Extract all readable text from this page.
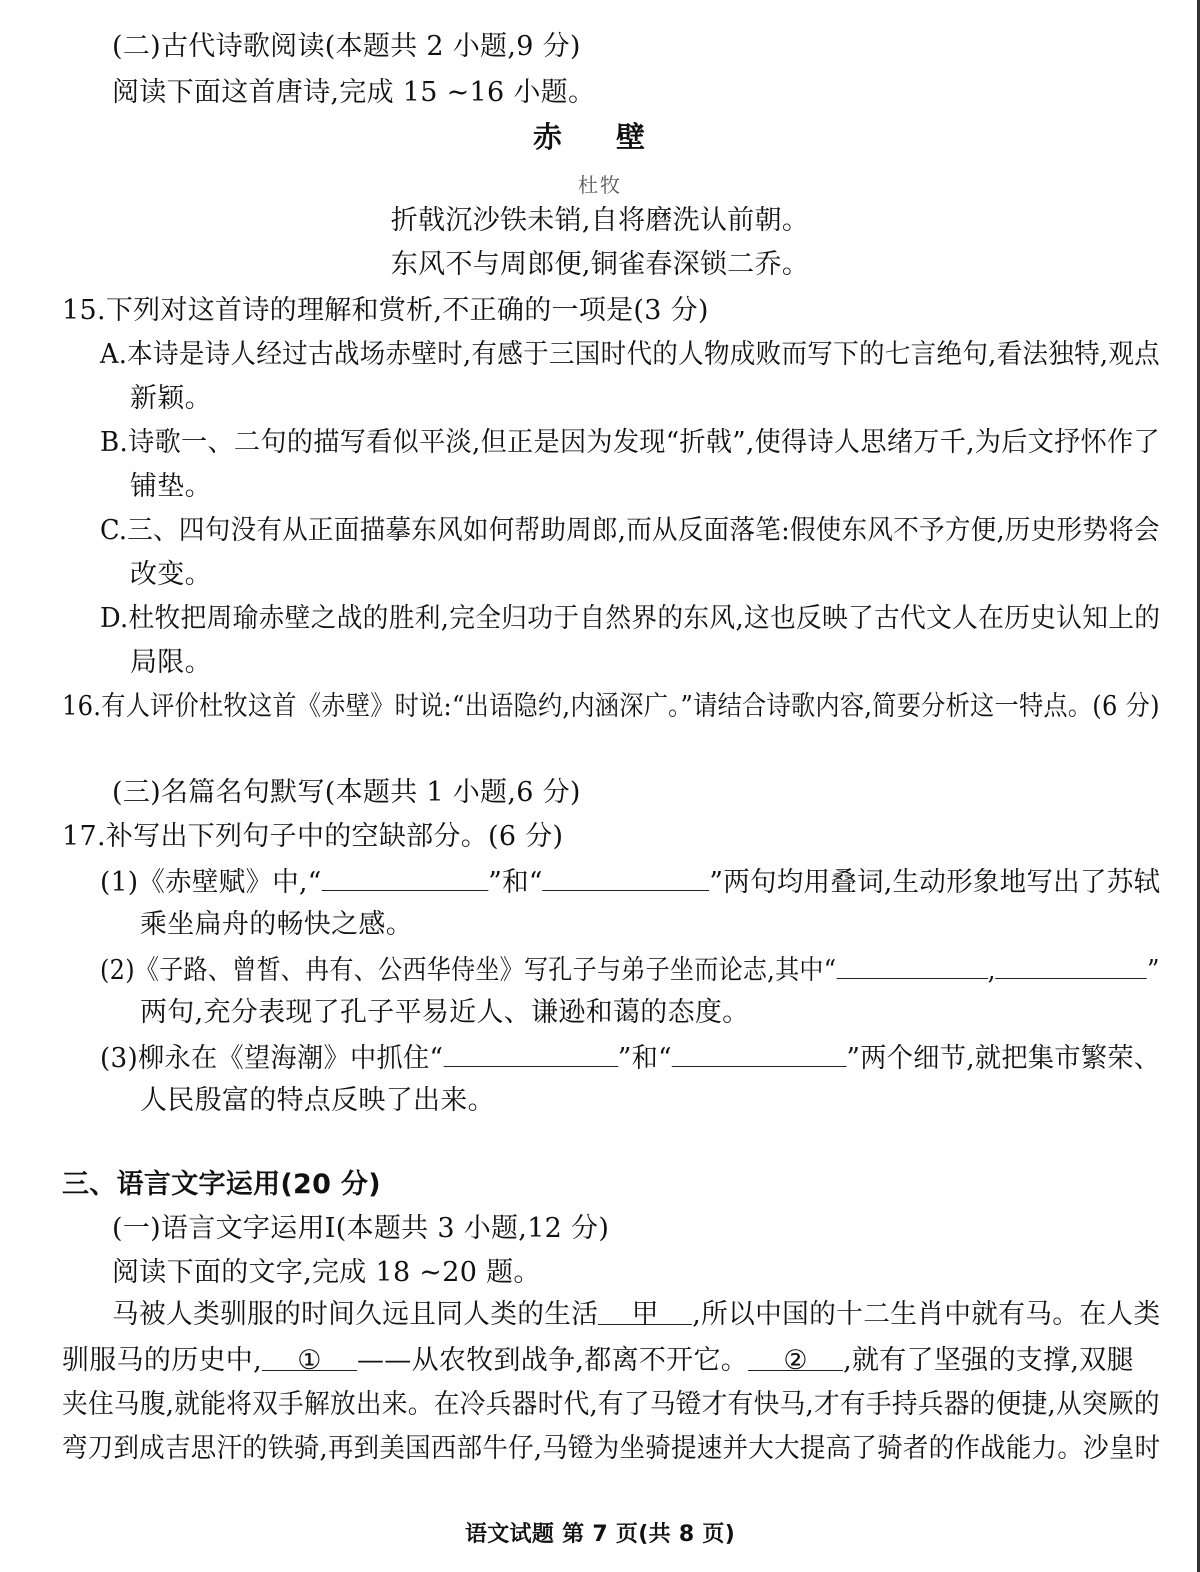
(二)古代诗歌阅读(本题共 2 小题,9 分)
阅读下面这首唐诗,完成 15 ~16 小题。
赤 壁
杜牧
折戟沉沙铁未销,自将磨洗认前朝。
东风不与周郎便,铜雀春深锁二乔。
15.下列对这首诗的理解和赏析,不正确的一项是(3 分)
A.本诗是诗人经过古战场赤壁时,有感于三国时代的人物成败而写下的七言绝句,看法独特,观点
新颖。
B.诗歌一、二句的描写看似平淡,但正是因为发现“折戟”,使得诗人思绪万千,为后文抒怀作了
铺垫。
C.三、四句没有从正面描摹东风如何帮助周郎,而从反面落笔:假使东风不予方便,历史形势将会
改变。
D.杜牧把周瑜赤壁之战的胜利,完全归功于自然界的东风,这也反映了古代文人在历史认知上的
局限。
16.有人评价杜牧这首《赤壁》时说:“出语隐约,内涵深广。”请结合诗歌内容,简要分析这一特点。(6 分)
(三)名篇名句默写(本题共 1 小题,6 分)
17.补写出下列句子中的空缺部分。(6 分)
(1)《赤壁赋》中,“	”和“	”两句均用叠词,生动形象地写出了苏轼
乘坐扁舟的畅快之感。
(2)《子路、曾皙、冉有、公西华侍坐》写孔子与弟子坐而论志,其中“	,	”
两句,充分表现了孔子平易近人、谦逊和蔼的态度。
(3)柳永在《望海潮》中抓住“	”和“	”两个细节,就把集市繁荣、
人民殷富的特点反映了出来。
三、语言文字运用(20 分)
(一)语言文字运用Ⅰ(本题共 3 小题,12 分)
阅读下面的文字,完成 18 ~20 题。
马被人类驯服的时间久远且同人类的生活 甲 ,所以中国的十二生肖中就有马。在人类
驯服马的历史中, ① ——从农牧到战争,都离不开它。 ② ,就有了坚强的支撑,双腿
夹住马腹,就能将双手解放出来。在冷兵器时代,有了马镫才有快马,才有手持兵器的便捷,从突厥的
弯刀到成吉思汗的铁骑,再到美国西部牛仔,马镫为坐骑提速并大大提高了骑者的作战能力。沙皇时
语文试题 第 7 页(共 8 页)
